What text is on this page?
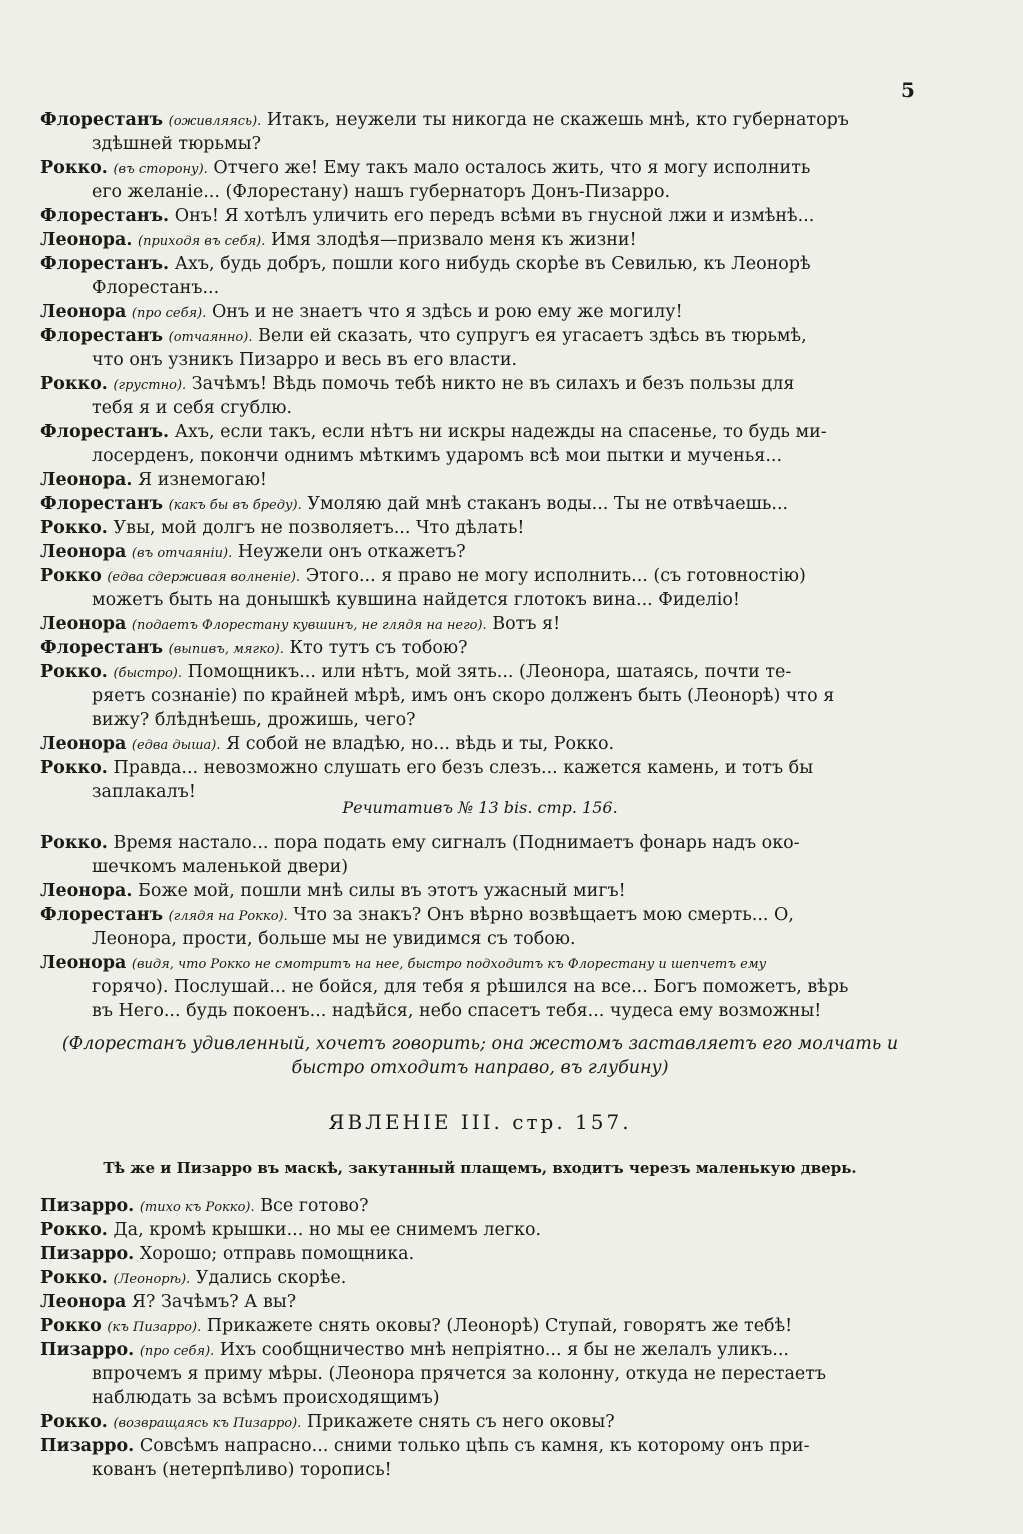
5
Флорестанъ (оживляясь). Итакъ, неужели ты никогда не скажешь мнѣ, кто губернаторъ
здѣшней тюрьмы?
Рокко. (въ сторону). Отчего же! Ему такъ мало осталось жить, что я могу исполнить
его желаніе... (Флорестану) нашъ губернаторъ Донъ-Пизарро.
Флорестанъ. Онъ! Я хотѣлъ уличить его передъ всѣми въ гнусной лжи и измѣнѣ...
Леонора. (приходя въ себя). Имя злодѣя—призвало меня къ жизни!
Флорестанъ. Ахъ, будь добръ, пошли кого нибудь скорѣе въ Севилью, къ Леонорѣ
Флорестанъ...
Леонора (про себя). Онъ и не знаетъ что я здѣсь и рою ему же могилу!
Флорестанъ (отчаянно). Вели ей сказать, что супругъ ея угасаетъ здѣсь въ тюрьмѣ,
что онъ узникъ Пизарро и весь въ его власти.
Рокко. (грустно). Зачѣмъ! Вѣдь помочь тебѣ никто не въ силахъ и безъ пользы для
тебя я и себя сгублю.
Флорестанъ. Ахъ, если такъ, если нѣтъ ни искры надежды на спасенье, то будь ми-
лосерденъ, покончи однимъ мѣткимъ ударомъ всѣ мои пытки и мученья...
Леонора. Я изнемогаю!
Флорестанъ (какъ бы въ бреду). Умоляю дай мнѣ стаканъ воды... Ты не отвѣчаешь...
Рокко. Увы, мой долгъ не позволяетъ... Что дѣлать!
Леонора (въ отчаяніи). Неужели онъ откажетъ?
Рокко (едва сдерживая волненіе). Этого... я право не могу исполнить... (съ готовностію)
можетъ быть на донышкѣ кувшина найдется глотокъ вина... Фиделіо!
Леонора (подаетъ Флорестану кувшинъ, не глядя на него). Вотъ я!
Флорестанъ (выпивъ, мягко). Кто тутъ съ тобою?
Рокко. (быстро). Помощникъ... или нѣтъ, мой зять... (Леонора, шатаясь, почти те-
ряетъ сознаніе) по крайней мѣрѣ, имъ онъ скоро долженъ быть (Леонорѣ) что я
вижу? блѣднѣешь, дрожишь, чего?
Леонора (едва дыша). Я собой не владѣю, но... вѣдь и ты, Рокко.
Рокко. Правда... невозможно слушать его безъ слезъ... кажется камень, и тотъ бы
заплакалъ!
Речитативъ № 13 bis. стр. 156.
Рокко. Время настало... пора подать ему сигналъ (Поднимаетъ фонарь надъ око-
шечкомъ маленькой двери)
Леонора. Боже мой, пошли мнѣ силы въ этотъ ужасный мигъ!
Флорестанъ (глядя на Рокко). Что за знакъ? Онъ вѣрно возвѣщаетъ мою смерть... О,
Леонора, прости, больше мы не увидимся съ тобою.
Леонора (видя, что Рокко не смотритъ на нее, быстро подходитъ къ Флорестану и шепчетъ ему
горячо). Послушай... не бойся, для тебя я рѣшился на все... Богъ поможетъ, вѣрь
въ Него... будь покоенъ... надѣйся, небо спасетъ тебя... чудеса ему возможны!
(Флорестанъ удивленный, хочетъ говорить; она жестомъ заставляетъ его молчать и
быстро отходитъ направо, въ глубину)
ЯВЛЕНІЕ III. стр. 157.
Тѣ же и Пизарро въ маскѣ, закутанный плащемъ, входитъ черезъ маленькую дверь.
Пизарро. (тихо къ Рокко). Все готово?
Рокко. Да, кромѣ крышки... но мы ее снимемъ легко.
Пизарро. Хорошо; отправь помощника.
Рокко. (Леонорѣ). Удались скорѣе.
Леонора Я? Зачѣмъ? А вы?
Рокко (къ Пизарро). Прикажете снять оковы? (Леонорѣ) Ступай, говорятъ же тебѣ!
Пизарро. (про себя). Ихъ сообщничество мнѣ непріятно... я бы не желалъ уликъ...
впрочемъ я приму мѣры. (Леонора прячется за колонну, откуда не перестаетъ
наблюдать за всѣмъ происходящимъ)
Рокко. (возвращаясь къ Пизарро). Прикажете снять съ него оковы?
Пизарро. Совсѣмъ напрасно... сними только цѣпь съ камня, къ которому онъ при-
кованъ (нетерпѣливо) торопись!
